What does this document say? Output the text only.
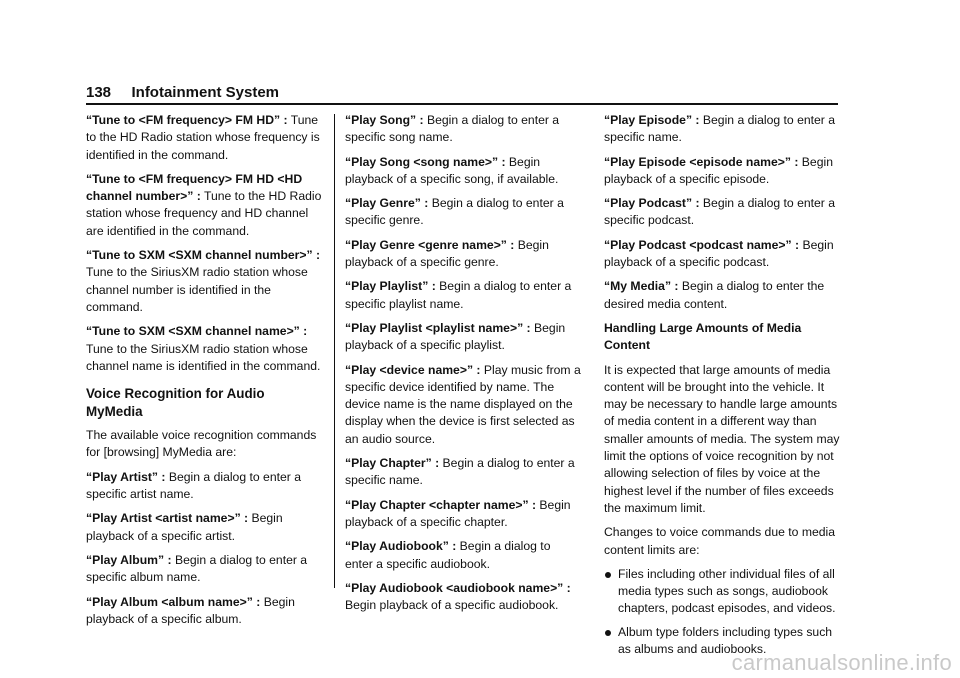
138 Infotainment System
“Tune to <FM frequency> FM HD” : Tune to the HD Radio station whose frequency is identified in the command.
“Tune to <FM frequency> FM HD <HD channel number>” : Tune to the HD Radio station whose frequency and HD channel are identified in the command.
“Tune to SXM <SXM channel number>” : Tune to the SiriusXM radio station whose channel number is identified in the command.
“Tune to SXM <SXM channel name>” : Tune to the SiriusXM radio station whose channel name is identified in the command.
Voice Recognition for Audio MyMedia

The available voice recognition commands for [browsing] MyMedia are:

“Play Artist” : Begin a dialog to enter a specific artist name.
“Play Artist <artist name>” : Begin playback of a specific artist.
“Play Album” : Begin a dialog to enter a specific album name.
“Play Album <album name>” : Begin playback of a specific album.
“Play Song” : Begin a dialog to enter a specific song name.
“Play Song <song name>” : Begin playback of a specific song, if available.
“Play Genre” : Begin a dialog to enter a specific genre.
“Play Genre <genre name>” : Begin playback of a specific genre.
“Play Playlist” : Begin a dialog to enter a specific playlist name.
“Play Playlist <playlist name>” : Begin playback of a specific playlist.
“Play <device name>” : Play music from a specific device identified by name. The device name is the name displayed on the display when the device is first selected as an audio source.
“Play Chapter” : Begin a dialog to enter a specific name.
“Play Chapter <chapter name>” : Begin playback of a specific chapter.
“Play Audiobook” : Begin a dialog to enter a specific audiobook.
“Play Audiobook <audiobook name>” : Begin playback of a specific audiobook.
“Play Episode” : Begin a dialog to enter a specific name.
“Play Episode <episode name>” : Begin playback of a specific episode.
“Play Podcast” : Begin a dialog to enter a specific podcast.
“Play Podcast <podcast name>” : Begin playback of a specific podcast.
“My Media” : Begin a dialog to enter the desired media content.
Handling Large Amounts of Media Content

It is expected that large amounts of media content will be brought into the vehicle. It may be necessary to handle large amounts of media content in a different way than smaller amounts of media. The system may limit the options of voice recognition by not allowing selection of files by voice at the highest level if the number of files exceeds the maximum limit.

Changes to voice commands due to media content limits are:

Files including other individual files of all media types such as songs, audiobook chapters, podcast episodes, and videos.
Album type folders including types such as albums and audiobooks.
carmanualsonline.info
